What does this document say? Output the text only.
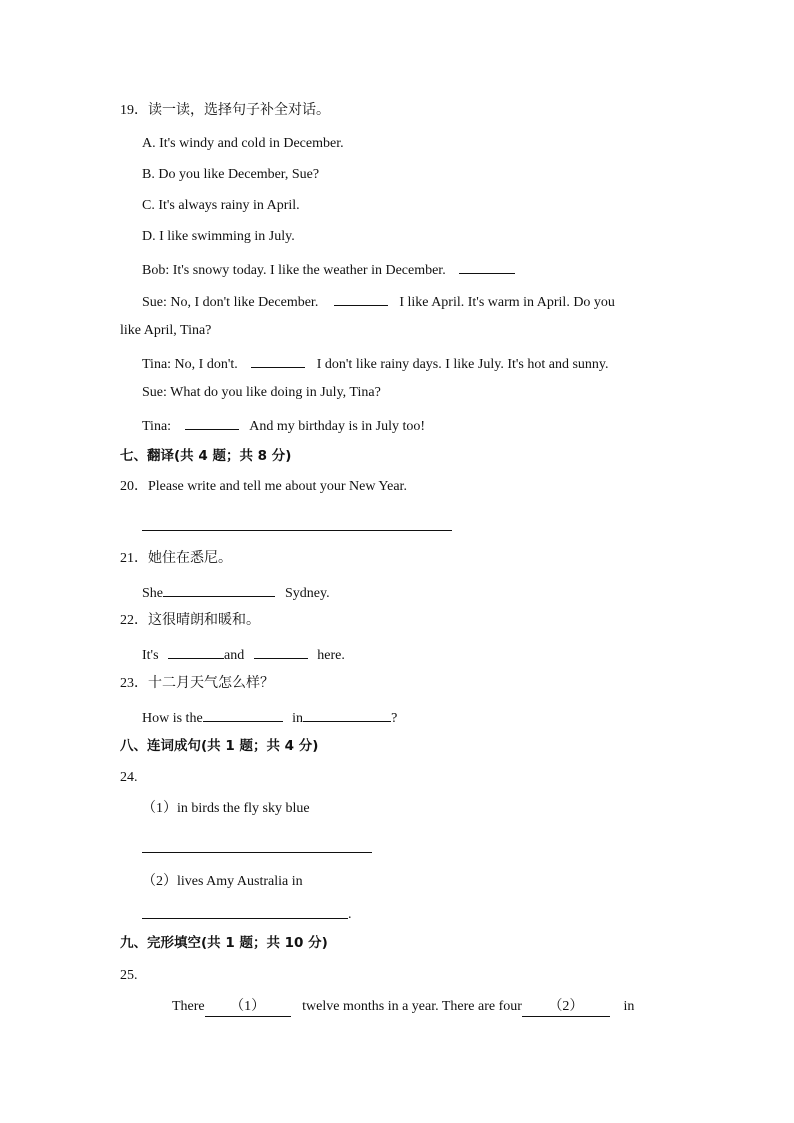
19．读一读，选择句子补全对话。
A. It's windy and cold in December.
B. Do you like December, Sue?
C. It's always rainy in April.
D. I like swimming in July.
Bob: It's snowy today. I like the weather in December.
Sue: No, I don't like December.	I like April. It's warm in April. Do you
like April, Tina?
Tina: No, I don't.	I don't like rainy days. I like July. It's hot and sunny.
Sue: What do you like doing in July, Tina?
Tina:	And my birthday is in July too!
七、翻译(共 4 题；共 8 分)
20．Please write and tell me about your New Year.
21．她住在悉尼。
She	Sydney.
22．这很晴朗和暖和。
It's	and	here.
23．十二月天气怎么样？
How is the	in	?
八、连词成句(共 1 题；共 4 分)
24.
（1）in birds the fly sky blue
（2）lives Amy Australia in
.
九、完形填空(共 1 题；共 10 分)
25.
There （1）	twelve months in a year. There are four （2）	in
